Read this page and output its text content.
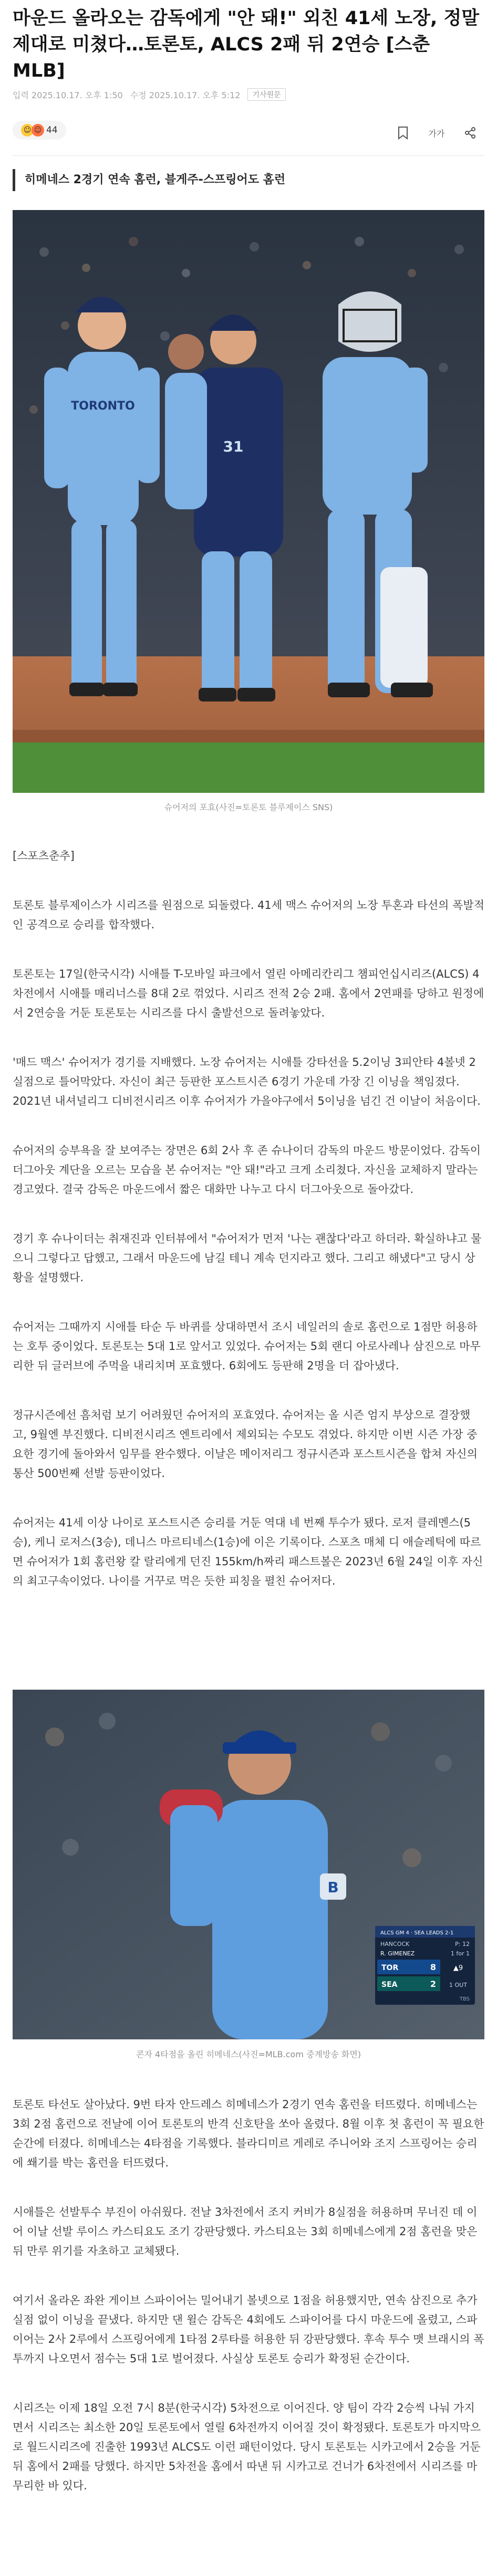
마운드 올라오는 감독에게 "안 돼!" 외친 41세 노장, 정말 제대로 미쳤다…토론토, ALCS 2패 뒤 2연승 [스춘 MLB]
입력 2025.10.17. 오후 1:50 수정 2025.10.17. 오후 5:12	기사원문
☺ ☺ 44	가가
히메네스 2경기 연속 홈런, 블게주-스프링어도 홈런
31
TORONTO
슈어저의 포효(사진=토론토 블루제이스 SNS)

[스포츠춘추]

토론토 블루제이스가 시리즈를 원점으로 되돌렸다. 41세 맥스 슈어저의 노장 투혼과 타선의 폭발적인 공격으로 승리를 합작했다.

토론토는 17일(한국시각) 시애틀 T-모바일 파크에서 열린 아메리칸리그 챔피언십시리즈(ALCS) 4차전에서 시애틀 매리너스를 8대 2로 꺾었다. 시리즈 전적 2승 2패. 홈에서 2연패를 당하고 원정에서 2연승을 거둔 토론토는 시리즈를 다시 출발선으로 돌려놓았다.

'매드 맥스' 슈어저가 경기를 지배했다. 노장 슈어저는 시애틀 강타선을 5.2이닝 3피안타 4볼넷 2실점으로 틀어막았다. 자신이 최근 등판한 포스트시즌 6경기 가운데 가장 긴 이닝을 책임졌다. 2021년 내셔널리그 디비전시리즈 이후 슈어저가 가을야구에서 5이닝을 넘긴 건 이날이 처음이다.

슈어저의 승부욕을 잘 보여주는 장면은 6회 2사 후 존 슈나이더 감독의 마운드 방문이었다. 감독이 더그아웃 계단을 오르는 모습을 본 슈어저는 "안 돼!"라고 크게 소리쳤다. 자신을 교체하지 말라는 경고였다. 결국 감독은 마운드에서 짧은 대화만 나누고 다시 더그아웃으로 돌아갔다.

경기 후 슈나이더는 취재진과 인터뷰에서 "슈어저가 먼저 '나는 괜찮다'라고 하더라. 확실하냐고 물으니 그렇다고 답했고, 그래서 마운드에 남길 테니 계속 던지라고 했다. 그리고 해냈다"고 당시 상황을 설명했다.

슈어저는 그때까지 시애틀 타순 두 바퀴를 상대하면서 조시 네일러의 솔로 홈런으로 1점만 허용하는 호투 중이었다. 토론토는 5대 1로 앞서고 있었다. 슈어저는 5회 랜디 아로사레나 삼진으로 마무리한 뒤 글러브에 주먹을 내리치며 포효했다. 6회에도 등판해 2명을 더 잡아냈다.

정규시즌에선 흠처럼 보기 어려웠던 슈어저의 포효였다. 슈어저는 올 시즌 엄지 부상으로 결장했고, 9월엔 부진했다. 디비전시리즈 엔트리에서 제외되는 수모도 겪었다. 하지만 이번 시즌 가장 중요한 경기에 돌아와서 임무를 완수했다. 이날은 메이저리그 정규시즌과 포스트시즌을 합쳐 자신의 통산 500번째 선발 등판이었다.

슈어저는 41세 이상 나이로 포스트시즌 승리를 거둔 역대 네 번째 투수가 됐다. 로저 클레멘스(5승), 케니 로저스(3승), 데니스 마르티네스(1승)에 이은 기록이다. 스포츠 매체 디 애슬레틱에 따르면 슈어저가 1회 홈런왕 칼 랄리에게 던진 155km/h짜리 패스트볼은 2023년 6월 24일 이후 자신의 최고구속이었다. 나이를 거꾸로 먹은 듯한 피칭을 펼친 슈어저다.

B
ALCS GM 4 · SEA LEADS 2-1
HANCOCK	P: 12
R. GIMENEZ	1 for 1
TOR	8
SEA	2
▲9
1 OUT
TBS
콘자 4타점을 올린 히메네스(사진=MLB.com 중계방송 화면)

토론토 타선도 살아났다. 9번 타자 안드레스 히메네스가 2경기 연속 홈런을 터뜨렸다. 히메네스는 3회 2점 홈런으로 전날에 이어 토론토의 반격 신호탄을 쏘아 올렸다. 8월 이후 첫 홈런이 꼭 필요한 순간에 터졌다. 히메네스는 4타점을 기록했다. 블라디미르 게레로 주니어와 조지 스프링어는 승리에 쐐기를 박는 홈런을 터뜨렸다.

시애틀은 선발투수 부진이 아쉬웠다. 전날 3차전에서 조지 커비가 8실점을 허용하며 무너진 데 이어 이날 선발 루이스 카스티요도 조기 강판당했다. 카스티요는 3회 히메네스에게 2점 홈런을 맞은 뒤 만루 위기를 자초하고 교체됐다.

여기서 올라온 좌완 게이브 스파이어는 밀어내기 볼넷으로 1점을 허용했지만, 연속 삼진으로 추가 실점 없이 이닝을 끝냈다. 하지만 댄 윌슨 감독은 4회에도 스파이어를 다시 마운드에 올렸고, 스파이어는 2사 2루에서 스프링어에게 1타점 2루타를 허용한 뒤 강판당했다. 후속 투수 맷 브래시의 폭투까지 나오면서 점수는 5대 1로 벌어졌다. 사실상 토론토 승리가 확정된 순간이다.

시리즈는 이제 18일 오전 7시 8분(한국시각) 5차전으로 이어진다. 양 팀이 각각 2승씩 나눠 가지면서 시리즈는 최소한 20일 토론토에서 열릴 6차전까지 이어질 것이 확정됐다. 토론토가 마지막으로 월드시리즈에 진출한 1993년 ALCS도 이런 패턴이었다. 당시 토론토는 시카고에서 2승을 거둔 뒤 홈에서 2패를 당했다. 하지만 5차전을 홈에서 따낸 뒤 시카고로 건너가 6차전에서 시리즈를 마무리한 바 있다.
